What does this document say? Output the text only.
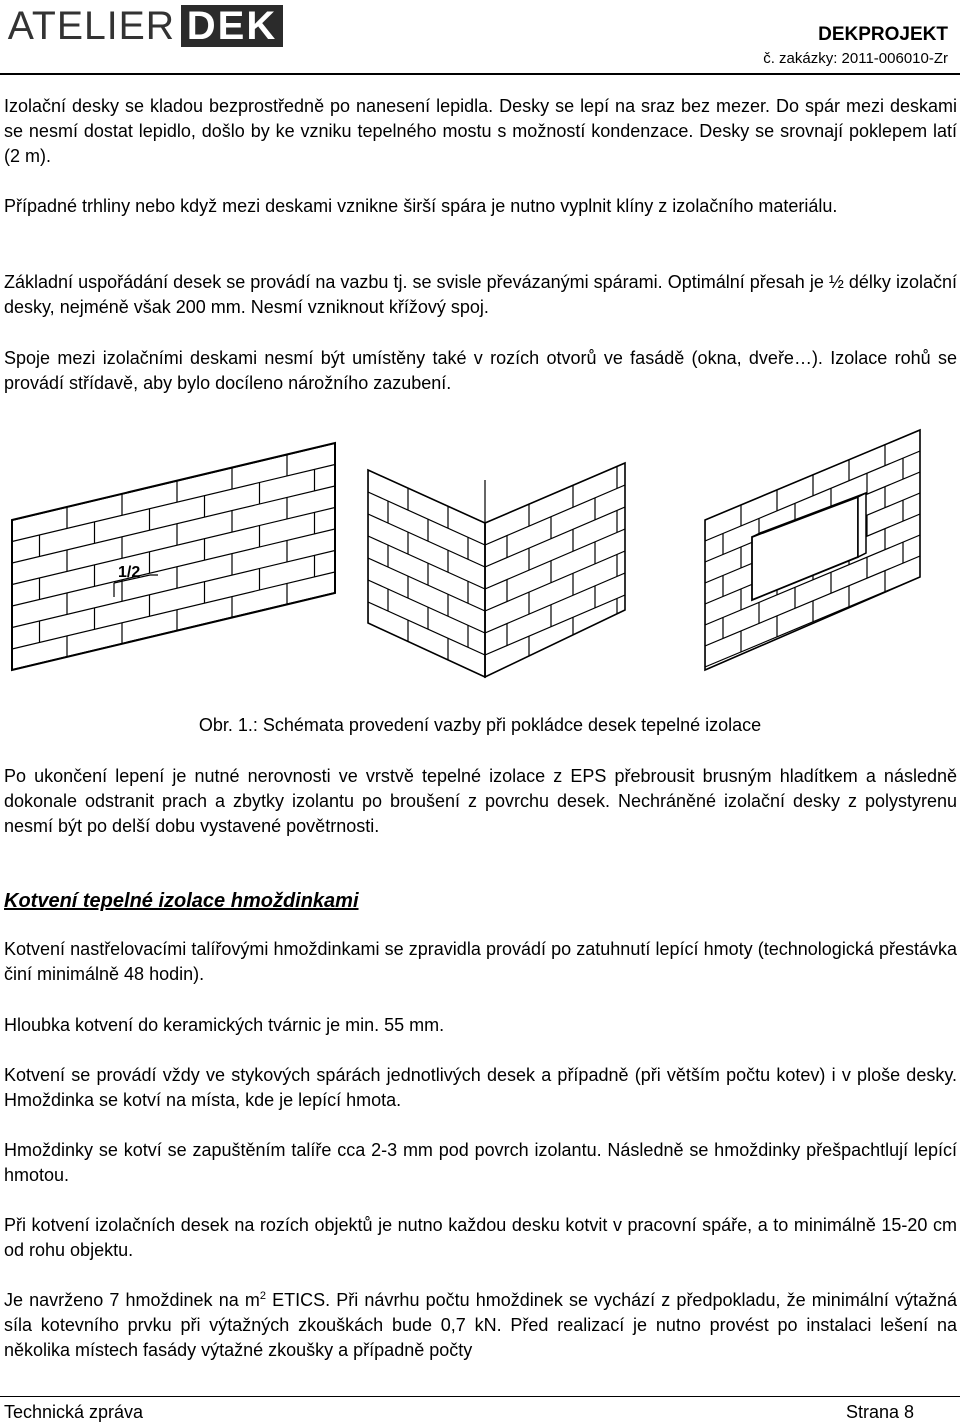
ATELIER DEK	DEKPROJEKT
č. zakázky: 2011-006010-Zr

Izolační desky se kladou bezprostředně po nanesení lepidla. Desky se lepí na sraz bez mezer. Do spár mezi deskami se nesmí dostat lepidlo, došlo by ke vzniku tepelného mostu s možností kondenzace. Desky se srovnají poklepem latí (2 m).

Případné trhliny nebo když mezi deskami vznikne širší spára je nutno vyplnit klíny z izolačního materiálu.

Základní uspořádání desek se provádí na vazbu tj. se svisle převázanými spárami. Optimální přesah je ½ délky izolační desky, nejméně však 200 mm. Nesmí vzniknout křížový spoj.

Spoje mezi izolačními deskami nesmí být umístěny také v rozích otvorů ve fasádě (okna, dveře…). Izolace rohů se provádí střídavě, aby bylo docíleno nárožního zazubení.

1/2
Obr. 1.: Schémata provedení vazby při pokládce desek tepelné izolace

Po ukončení lepení je nutné nerovnosti ve vrstvě tepelné izolace z EPS přebrousit brusným hladítkem a následně dokonale odstranit prach a zbytky izolantu po broušení z povrchu desek. Nechráněné izolační desky z polystyrenu nesmí být po delší dobu vystavené povětrnosti.

Kotvení tepelné izolace hmoždinkami

Kotvení nastřelovacími talířovými hmoždinkami se zpravidla provádí po zatuhnutí lepící hmoty (technologická přestávka činí minimálně 48 hodin).

Hloubka kotvení do keramických tvárnic je min. 55 mm.

Kotvení se provádí vždy ve stykových spárách jednotlivých desek a případně (při větším počtu kotev) i v ploše desky. Hmoždinka se kotví na místa, kde je lepící hmota.

Hmoždinky se kotví se zapuštěním talíře cca 2-3 mm pod povrch izolantu. Následně se hmoždinky přešpachtlují lepící hmotou.

Při kotvení izolačních desek na rozích objektů je nutno každou desku kotvit v pracovní spáře, a to minimálně 15-20 cm od rohu objektu.

Je navrženo 7 hmoždinek na $m^2$ ETICS. Při návrhu počtu hmoždinek se vychází z předpokladu, že minimální výtažná síla kotevního prvku při výtažných zkouškách bude 0,7 kN. Před realizací je nutno provést po instalaci lešení na několika místech fasády výtažné zkoušky a případně počty

Technická zpráva	Strana 8
